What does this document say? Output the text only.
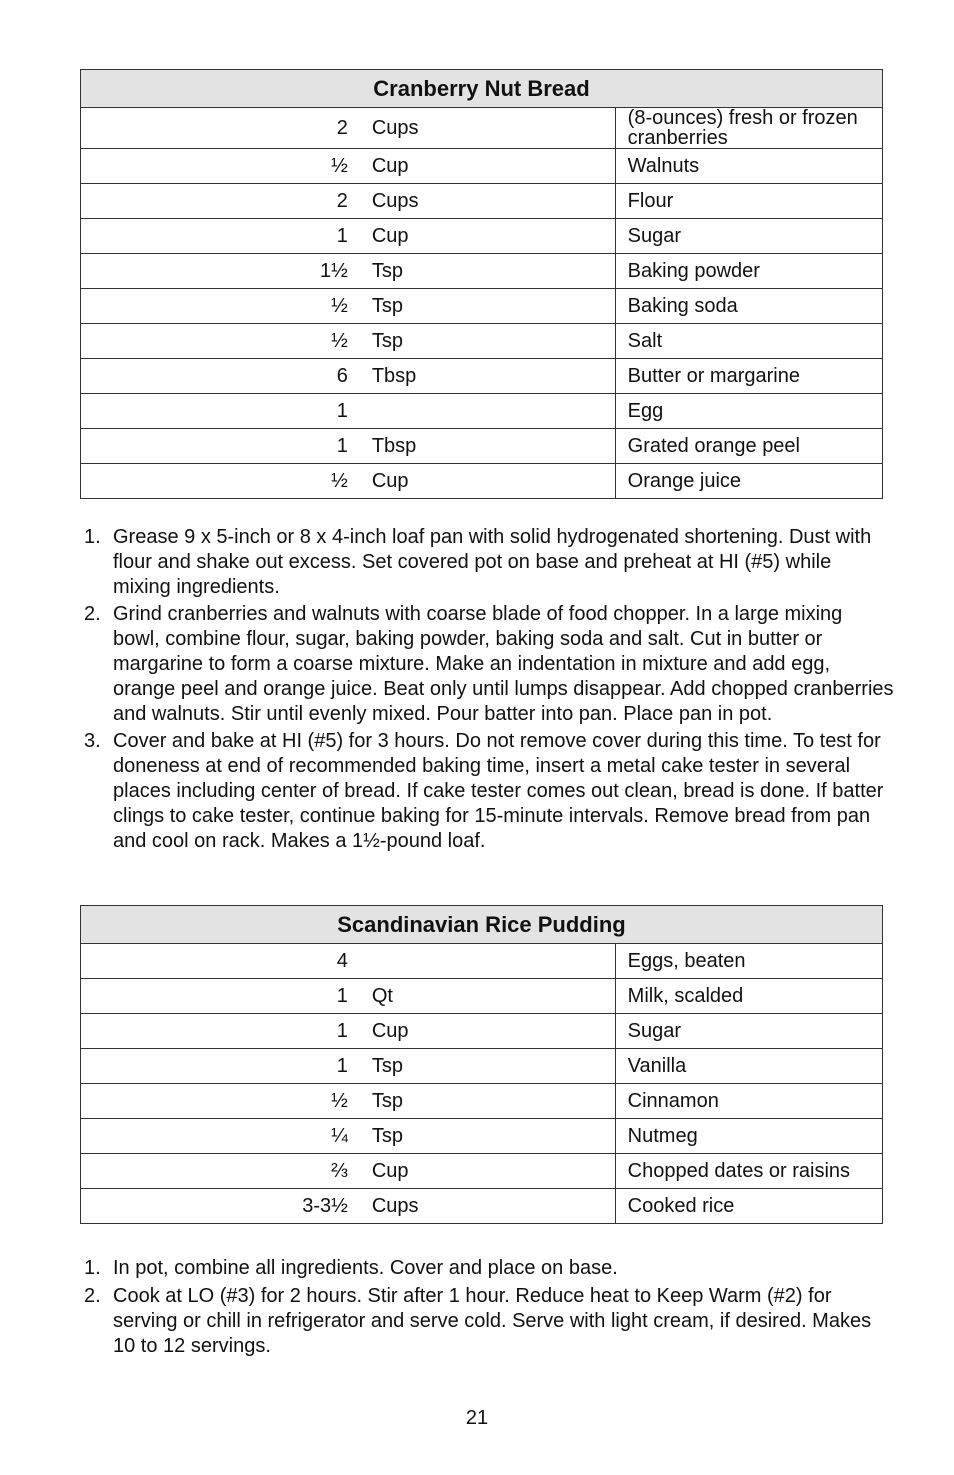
Cranberry Nut Bread		
2	Cups	(8-ounces) fresh or frozen cranberries
½	Cup	Walnuts
2	Cups	Flour
1	Cup	Sugar
1½	Tsp	Baking powder
½	Tsp	Baking soda
½	Tsp	Salt
6	Tbsp	Butter or margarine
1		Egg
1	Tbsp	Grated orange peel
½	Cup	Orange juice
1. Grease 9 x 5-inch or 8 x 4-inch loaf pan with solid hydrogenated shortening. Dust with flour and shake out excess. Set covered pot on base and preheat at HI (#5) while mixing ingredients.
2. Grind cranberries and walnuts with coarse blade of food chopper. In a large mixing bowl, combine flour, sugar, baking powder, baking soda and salt. Cut in butter or margarine to form a coarse mixture. Make an indentation in mixture and add egg, orange peel and orange juice. Beat only until lumps disappear. Add chopped cranberries and walnuts. Stir until evenly mixed. Pour batter into pan. Place pan in pot.
3. Cover and bake at HI (#5) for 3 hours. Do not remove cover during this time. To test for doneness at end of recommended baking time, insert a metal cake tester in several places including center of bread. If cake tester comes out clean, bread is done. If batter clings to cake tester, continue baking for 15-minute intervals. Remove bread from pan and cool on rack. Makes a 1½-pound loaf.
Scandinavian Rice Pudding		
4		Eggs, beaten
1	Qt	Milk, scalded
1	Cup	Sugar
1	Tsp	Vanilla
½	Tsp	Cinnamon
¼	Tsp	Nutmeg
⅔	Cup	Chopped dates or raisins
3-3½	Cups	Cooked rice
1. In pot, combine all ingredients. Cover and place on base.
2. Cook at LO (#3) for 2 hours. Stir after 1 hour. Reduce heat to Keep Warm (#2) for serving or chill in refrigerator and serve cold. Serve with light cream, if desired. Makes 10 to 12 servings.
21
